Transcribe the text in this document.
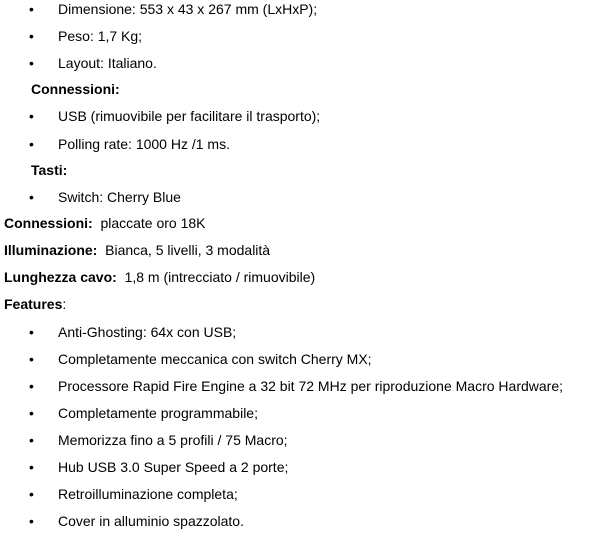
• Dimensione: 553 x 43 x 267 mm (LxHxP);
• Peso: 1,7 Kg;
• Layout: Italiano.
Connessioni:
• USB (rimuovibile per facilitare il trasporto);
• Polling rate: 1000 Hz /1 ms.
Tasti:
• Switch: Cherry Blue
Connessioni: placcate oro 18K
Illuminazione: Bianca, 5 livelli, 3 modalità
Lunghezza cavo: 1,8 m (intrecciato / rimuovibile)
Features:
• Anti-Ghosting: 64x con USB;
• Completamente meccanica con switch Cherry MX;
• Processore Rapid Fire Engine a 32 bit 72 MHz per riproduzione Macro Hardware;
• Completamente programmabile;
• Memorizza fino a 5 profili / 75 Macro;
• Hub USB 3.0 Super Speed a 2 porte;
• Retroilluminazione completa;
• Cover in alluminio spazzolato.
